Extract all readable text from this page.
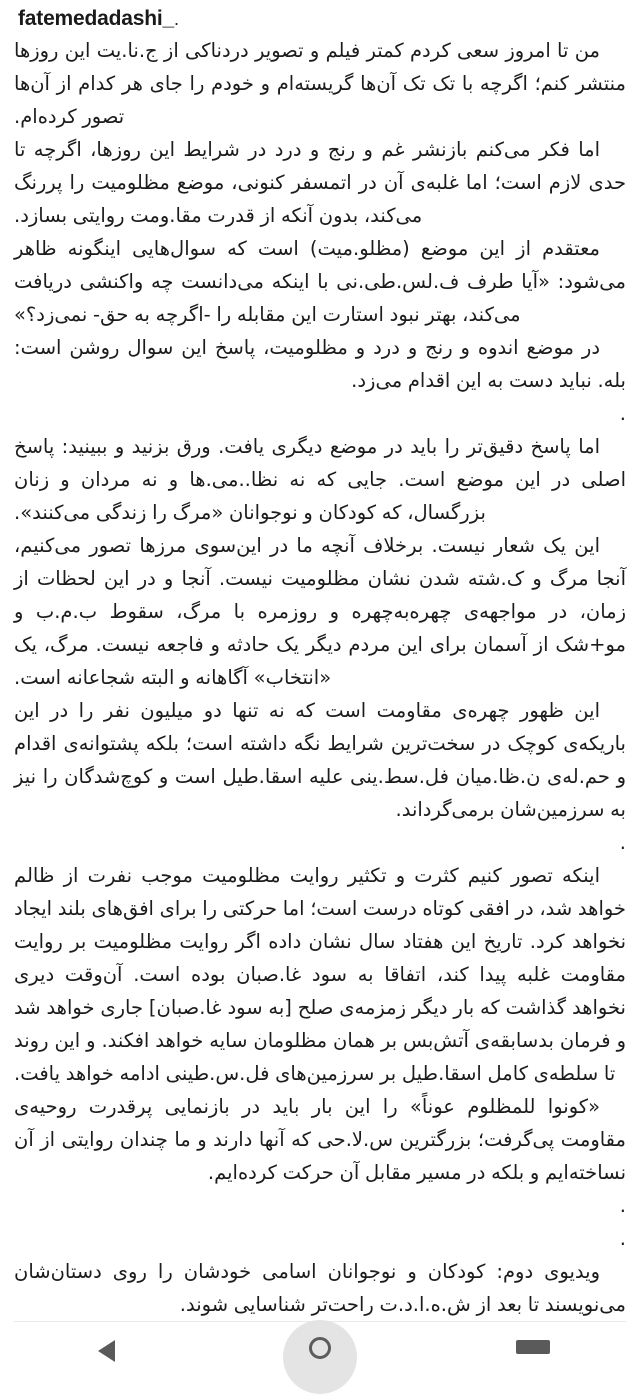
fatemedadashi_.

من تا امروز سعی کردم کمتر فیلم و تصویر دردناکی از ج.نا.یت این روزها منتشر کنم؛ اگرچه با تک تک آن‌ها گریسته‌ام و خودم را جای هر کدام از آن‌ها تصور کرده‌ام.

اما فکر می‌کنم بازنشر غم و رنج و درد در شرایط این روزها، اگرچه تا حدی لازم است؛ اما غلبه‌ی آن در اتمسفر کنونی، موضع مظلومیت را پررنگ می‌کند، بدون آنکه از قدرت مقا.ومت روایتی بسازد.

معتقدم از این موضع (مظلو.میت) است که سوال‌هایی اینگونه ظاهر می‌شود: «آیا طرف ف.لس.طی.نی با اینکه می‌دانست چه واکنشی دریافت می‌کند، بهتر نبود استارت این مقابله را -اگرچه به حق- نمی‌زد؟»

در موضع اندوه و رنج و درد و مظلومیت، پاسخ این سوال روشن است: بله. نباید دست به این اقدام می‌زد.

.

اما پاسخ دقیق‌تر را باید در موضع دیگری یافت. ورق بزنید و ببینید: پاسخ اصلی در این موضع است. جایی که نه نظا..می.ها و نه مردان و زنان بزرگسال، که کودکان و نوجوانان «مرگ را زندگی می‌کنند».

این یک شعار نیست. برخلاف آنچه ما در این‌سوی مرزها تصور می‌کنیم، آنجا مرگ و ک.شته شدن نشان مظلومیت نیست. آنجا و در این لحظات از زمان، در مواجهه‌ی چهره‌به‌چهره و روزمره با مرگ، سقوط ب.م.ب و مو+شک از آسمان برای این مردم دیگر یک حادثه و فاجعه نیست. مرگ، یک «انتخاب» آگاهانه و البته شجاعانه است.

این ظهور چهره‌ی مقاومت است که نه تنها دو میلیون نفر را در این باریکه‌ی کوچک در سخت‌ترین شرایط نگه داشته است؛ بلکه پشتوانه‌ی اقدام و حم.له‌ی ن.ظا.میان فل.سط.ینی علیه اسقا.طیل است و کوچ‌شدگان را نیز به سرزمین‌شان برمی‌گرداند.

.

اینکه تصور کنیم کثرت و تکثیر روایت مظلومیت موجب نفرت از ظالم خواهد شد، در افقی کوتاه درست است؛ اما حرکتی را برای افق‌های بلند ایجاد نخواهد کرد. تاریخ این هفتاد سال نشان داده اگر روایت مظلومیت بر روایت مقاومت غلبه پیدا کند، اتفاقا به سود غا.صبان بوده است. آن‌وقت دیری نخواهد گذاشت که بار دیگر زمزمه‌ی صلح [به سود غا.صبان] جاری خواهد شد و فرمان بدسابقه‌ی آتش‌بس بر همان مظلومان سایه خواهد افکند. و این روند تا سلطه‌ی کامل اسقا.طیل بر سرزمین‌های فل.س.طینی ادامه خواهد یافت.

«کونوا للمظلوم عوناً» را این بار باید در بازنمایی پرقدرت روحیه‌ی مقاومت پی‌گرفت؛ بزرگترین س.لا.حی که آنها دارند و ما چندان روایتی از آن نساخته‌ایم و بلکه در مسیر مقابل آن حرکت کرده‌ایم.

.
.

ویدیوی دوم: کودکان و نوجوانان اسامی خودشان را روی دستان‌شان می‌نویسند تا بعد از ش.ه.ا.د.ت راحت‌تر شناسایی شوند.
